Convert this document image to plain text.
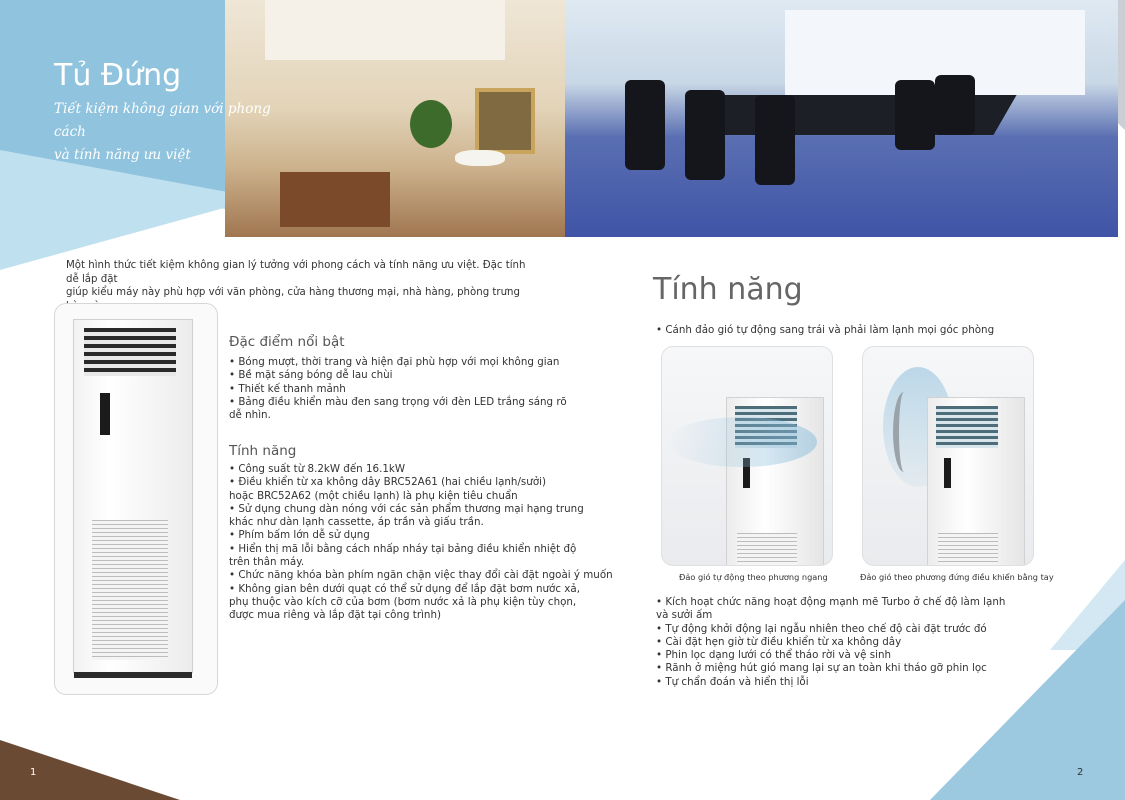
Tủ Đứng
Tiết kiệm không gian với phong cách
và tính năng ưu việt
Một hình thức tiết kiệm không gian lý tưởng với phong cách và tính năng ưu việt. Đặc tính dễ lắp đặt
giúp kiểu máy này phù hợp với văn phòng, cửa hàng thương mại, nhà hàng, phòng trưng
Đặc điểm nổi bật
• Bóng mượt, thời trang và hiện đại phù hợp với mọi không gian
• Bề mặt sáng bóng dễ lau chùi
• Thiết kế thanh mảnh
• Bảng điều khiển màu đen sang trọng với đèn LED trắng sáng rõ
dễ nhìn.
Tính năng
• Công suất từ 8.2kW đến 16.1kW
• Điều khiển từ xa không dây BRC52A61 (hai chiều lạnh/sưởi)
hoặc BRC52A62 (một chiều lạnh) là phụ kiện tiêu chuẩn
• Sử dụng chung dàn nóng với các sản phẩm thương mại hạng trung
khác như dàn lạnh cassette, áp trần và giấu trần.
• Phím bấm lớn dễ sử dụng
• Hiển thị mã lỗi bằng cách nhấp nháy tại bảng điều khiển nhiệt độ
trên thân máy.
• Chức năng khóa bàn phím ngăn chặn việc thay đổi cài đặt ngoài ý muốn
• Không gian bên dưới quạt có thể sử dụng để lắp đặt bơm nước xả,
phụ thuộc vào kích cỡ của bơm (bơm nước xả là phụ kiện tùy chọn,
được mua riêng và lắp đặt tại công trình)
1
Tính năng
• Cánh đảo gió tự động sang trái và phải làm lạnh mọi góc phòng
Đảo gió tự động theo phương ngang	Đảo gió theo phương đứng điều khiển bằng tay
• Kích hoạt chức năng hoạt động mạnh mẽ Turbo ở chế độ làm lạnh
và sưởi ấm
• Tự động khởi động lại ngẫu nhiên theo chế độ cài đặt trước đó
• Cài đặt hẹn giờ từ điều khiển từ xa không dây
• Phin lọc dạng lưới có thể tháo rời và vệ sinh
• Rãnh ở miệng hút gió mang lại sự an toàn khi tháo gỡ phin lọc
• Tự chẩn đoán và hiển thị lỗi
2
